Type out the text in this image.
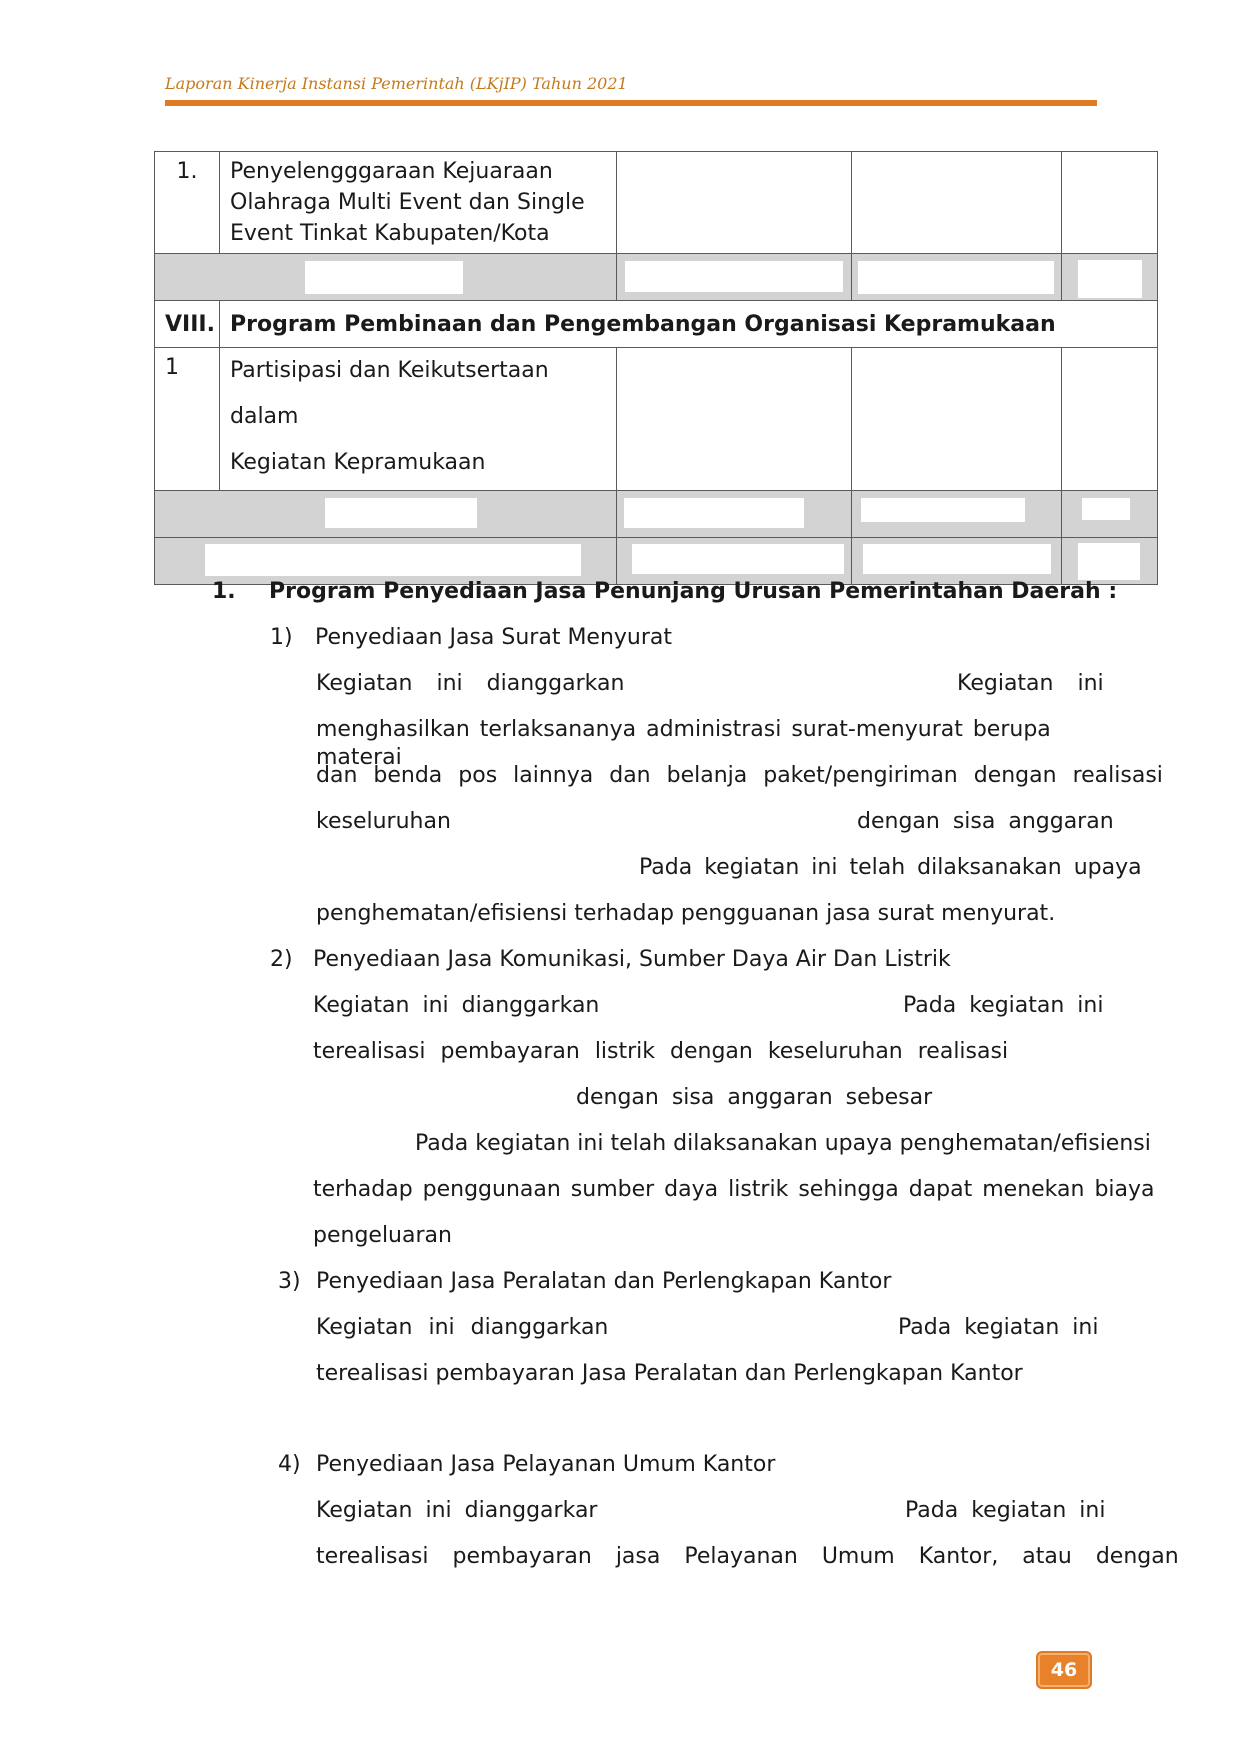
Laporan Kinerja Instansi Pemerintah (LKjIP) Tahun 2021
1.	Penyelengggaraan Kejuaraan Olahraga Multi Event dan Single Event Tinkat Kabupaten/Kota			

VIII.	Program Pembinaan dan Pengembangan Organisasi Kepramukaan			
1	Partisipasi dan Keikutsertaan dalam
Kegiatan Kepramukaan			

1. Program Penyediaan Jasa Penunjang Urusan Pemerintahan Daerah :
1) Penyediaan Jasa Surat Menyurat
Kegiatan ini dianggarkan	Kegiatan ini
menghasilkan terlaksananya administrasi surat-menyurat berupa materai
dan benda pos lainnya dan belanja paket/pengiriman dengan realisasi
keseluruhan	dengan sisa anggaran
Pada kegiatan ini telah dilaksanakan upaya
penghematan/efisiensi terhadap pengguanan jasa surat menyurat.
2) Penyediaan Jasa Komunikasi, Sumber Daya Air Dan Listrik
Kegiatan ini dianggarkan	Pada kegiatan ini
terealisasi pembayaran listrik dengan keseluruhan realisasi
dengan sisa anggaran sebesar
Pada kegiatan ini telah dilaksanakan upaya penghematan/efisiensi
terhadap penggunaan sumber daya listrik sehingga dapat menekan biaya
pengeluaran
3) Penyediaan Jasa Peralatan dan Perlengkapan Kantor
Kegiatan ini dianggarkan	Pada kegiatan ini
terealisasi pembayaran Jasa Peralatan dan Perlengkapan Kantor
4) Penyediaan Jasa Pelayanan Umum Kantor
Kegiatan ini dianggarkar	Pada kegiatan ini
terealisasi pembayaran jasa Pelayanan Umum Kantor, atau dengan
46
